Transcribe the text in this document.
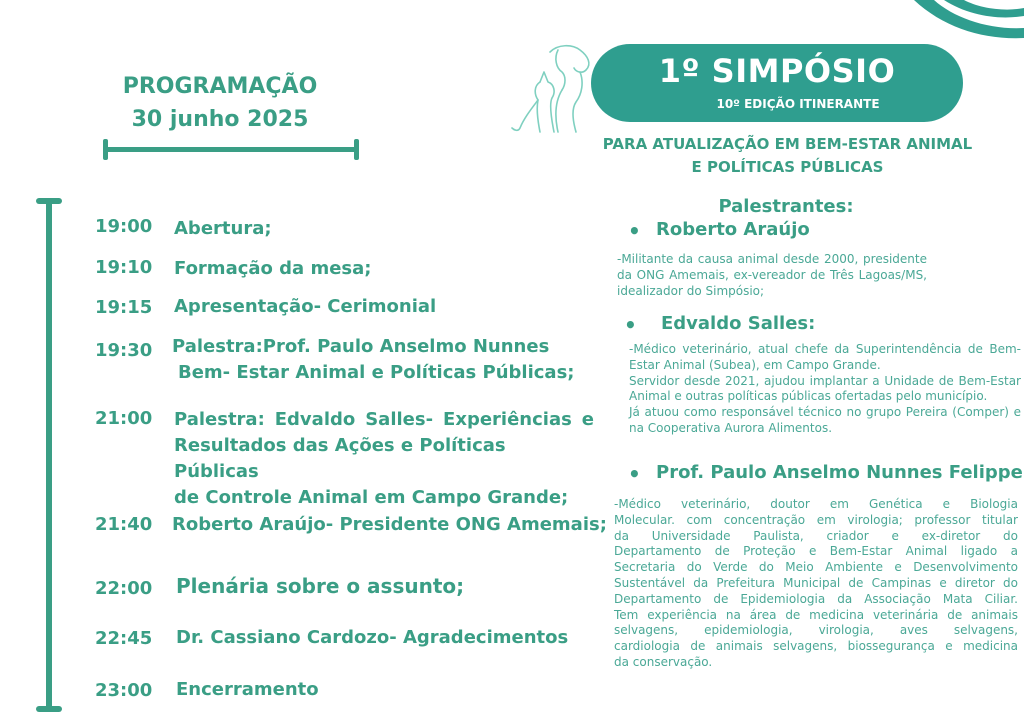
PROGRAMAÇÃO
30 junho 2025
19:00 Abertura;
19:10 Formação da mesa;
19:15 Apresentação- Cerimonial
19:30 Palestra:Prof. Paulo Anselmo Nunnes
Bem- Estar Animal e Políticas Públicas;
21:00 Palestra: Edvaldo Salles- Experiências e
Resultados das Ações e Políticas Públicas
de Controle Animal em Campo Grande;
21:40 Roberto Araújo- Presidente ONG Amemais;
22:00 Plenária sobre o assunto;
22:45 Dr. Cassiano Cardozo- Agradecimentos
23:00 Encerramento
1º SIMPÓSIO
10º EDIÇÃO ITINERANTE
PARA ATUALIZAÇÃO EM BEM-ESTAR ANIMAL
E POLÍTICAS PÚBLICAS
Palestrantes:
• Roberto Araújo

-Militante da causa animal desde 2000, presidente

da ONG Amemais, ex-vereador de Três Lagoas/MS,

idealizador do Simpósio;

• Edvaldo Salles:

-Médico veterinário, atual chefe da Superintendência de Bem-

Estar Animal (Subea), em Campo Grande.

Servidor desde 2021, ajudou implantar a Unidade de Bem-Estar

Animal e outras políticas públicas ofertadas pelo município.

Já atuou como responsável técnico no grupo Pereira (Comper) e

na Cooperativa Aurora Alimentos.

• Prof. Paulo Anselmo Nunnes Felippe

-Médico veterinário, doutor em Genética e Biologia

Molecular. com concentração em virologia; professor titular

da Universidade Paulista, criador e ex-diretor do

Departamento de Proteção e Bem-Estar Animal ligado a

Secretaria do Verde do Meio Ambiente e Desenvolvimento

Sustentável da Prefeitura Municipal de Campinas e diretor do

Departamento de Epidemiologia da Associação Mata Ciliar.

Tem experiência na área de medicina veterinária de animais

selvagens, epidemiologia, virologia, aves selvagens,

cardiologia de animais selvagens, biossegurança e medicina

da conservação.
